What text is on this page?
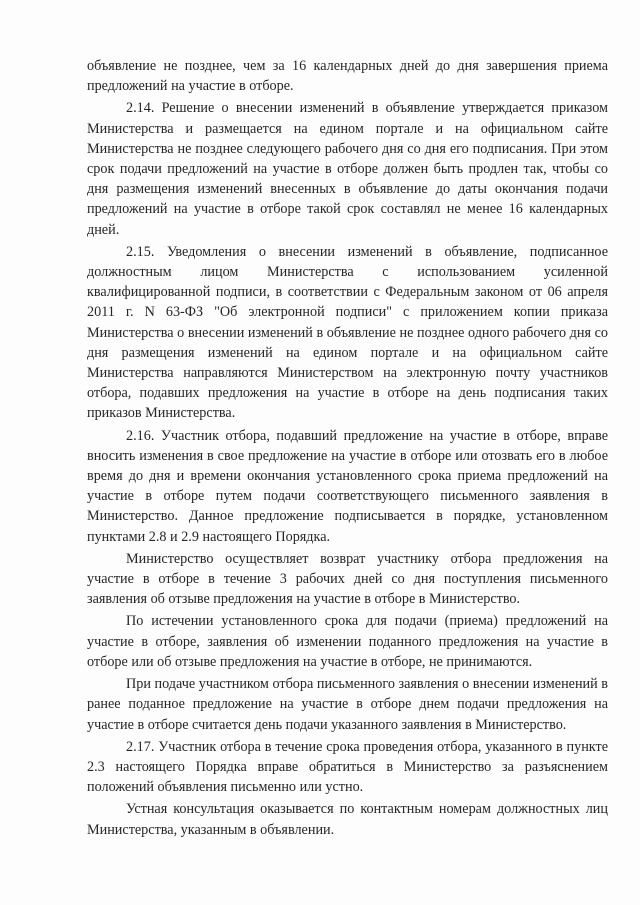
объявление не позднее, чем за 16 календарных дней до дня завершения приема предложений на участие в отборе.

2.14. Решение о внесении изменений в объявление утверждается приказом Министерства и размещается на едином портале и на официальном сайте Министерства не позднее следующего рабочего дня со дня его подписания. При этом срок подачи предложений на участие в отборе должен быть продлен так, чтобы со дня размещения изменений внесенных в объявление до даты окончания подачи предложений на участие в отборе такой срок составлял не менее 16 календарных дней.

2.15. Уведомления о внесении изменений в объявление, подписанное должностным лицом Министерства с использованием усиленной квалифицированной подписи, в соответствии с Федеральным законом от 06 апреля 2011 г. N 63-ФЗ "Об электронной подписи" с приложением копии приказа Министерства о внесении изменений в объявление не позднее одного рабочего дня со дня размещения изменений на едином портале и на официальном сайте Министерства направляются Министерством на электронную почту участников отбора, подавших предложения на участие в отборе на день подписания таких приказов Министерства.

2.16. Участник отбора, подавший предложение на участие в отборе, вправе вносить изменения в свое предложение на участие в отборе или отозвать его в любое время до дня и времени окончания установленного срока приема предложений на участие в отборе путем подачи соответствующего письменного заявления в Министерство. Данное предложение подписывается в порядке, установленном пунктами 2.8 и 2.9 настоящего Порядка.

Министерство осуществляет возврат участнику отбора предложения на участие в отборе в течение 3 рабочих дней со дня поступления письменного заявления об отзыве предложения на участие в отборе в Министерство.

По истечении установленного срока для подачи (приема) предложений на участие в отборе, заявления об изменении поданного предложения на участие в отборе или об отзыве предложения на участие в отборе, не принимаются.

При подаче участником отбора письменного заявления о внесении изменений в ранее поданное предложение на участие в отборе днем подачи предложения на участие в отборе считается день подачи указанного заявления в Министерство.

2.17. Участник отбора в течение срока проведения отбора, указанного в пункте 2.3 настоящего Порядка вправе обратиться в Министерство за разъяснением положений объявления письменно или устно.

Устная консультация оказывается по контактным номерам должностных лиц Министерства, указанным в объявлении.
